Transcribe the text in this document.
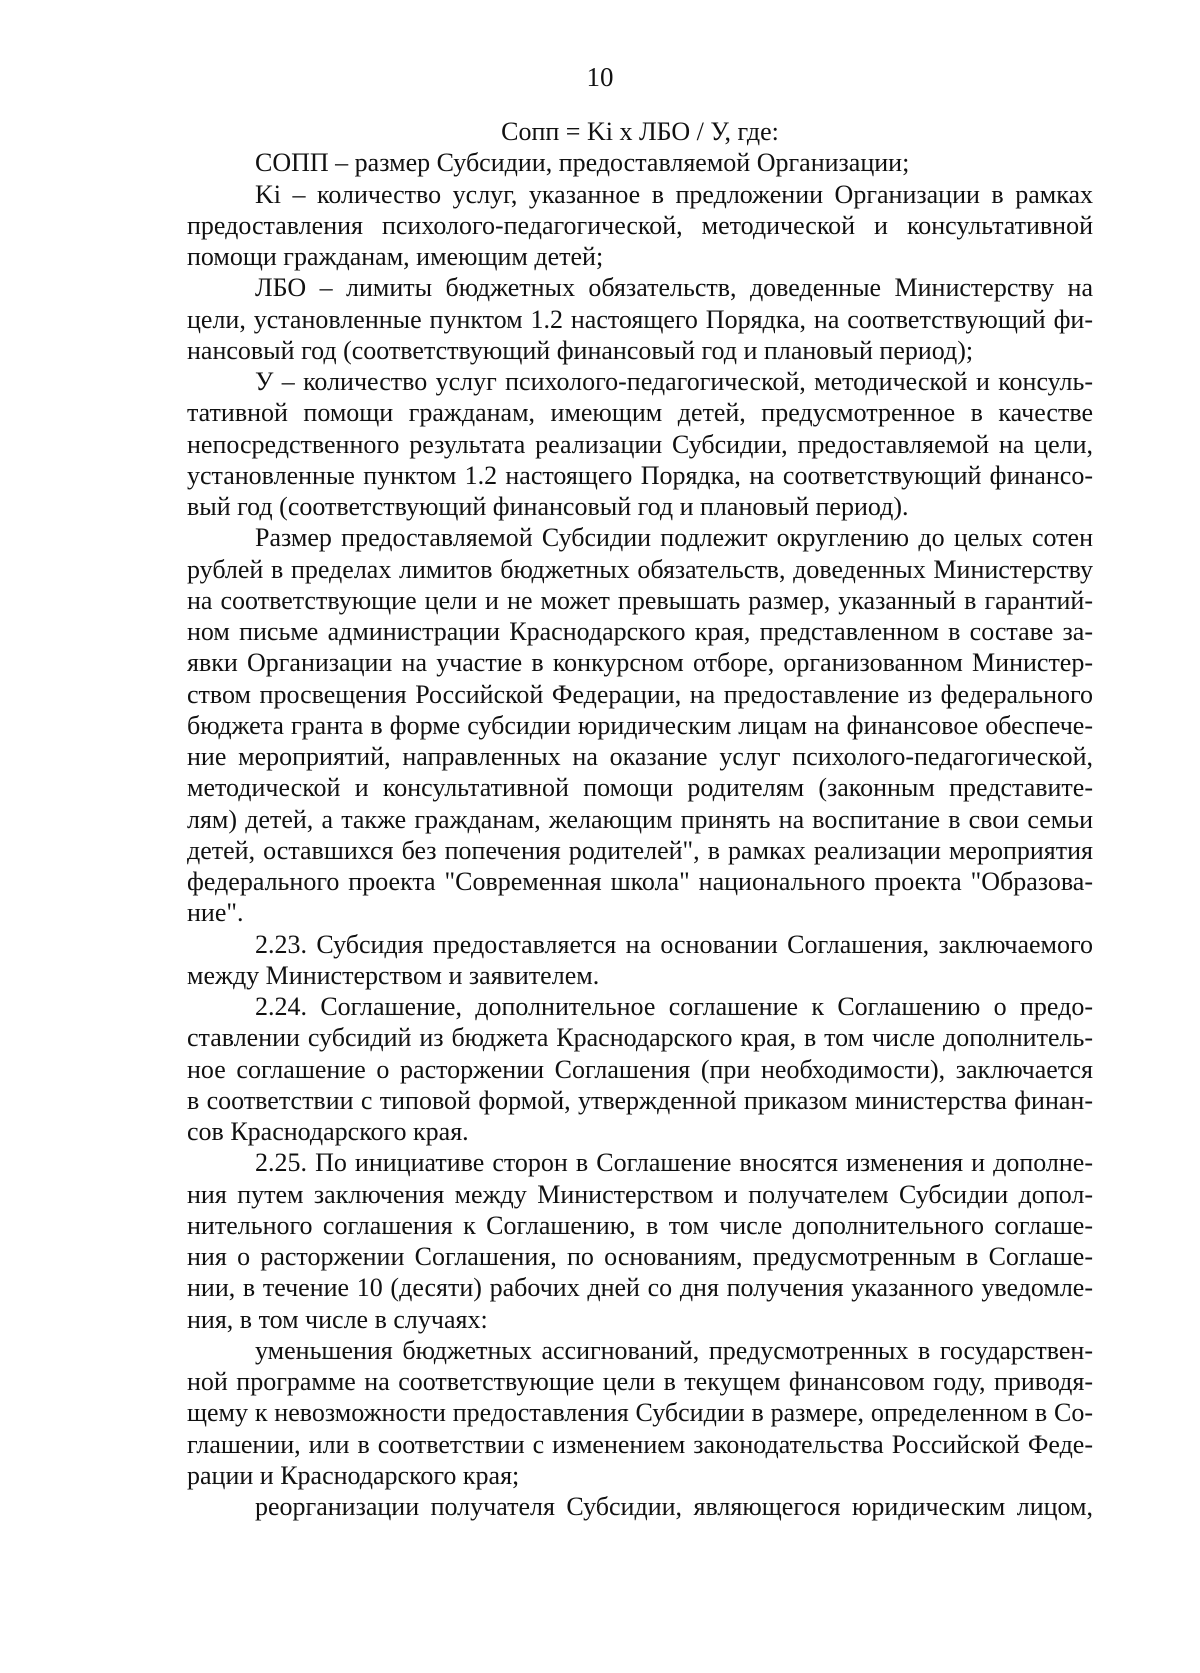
10
Сопп = Ki x ЛБО / У, где:
СОПП – размер Субсидии, предоставляемой Организации;
Ki – количество услуг, указанное в предложении Организации в рамках
предоставления психолого-педагогической, методической и консультативной
помощи гражданам, имеющим детей;
ЛБО – лимиты бюджетных обязательств, доведенные Министерству на
цели, установленные пунктом 1.2 настоящего Порядка, на соответствующий фи-
нансовый год (соответствующий финансовый год и плановый период);
У – количество услуг психолого-педагогической, методической и консуль-
тативной помощи гражданам, имеющим детей, предусмотренное в качестве
непосредственного результата реализации Субсидии, предоставляемой на цели,
установленные пунктом 1.2 настоящего Порядка, на соответствующий финансо-
вый год (соответствующий финансовый год и плановый период).
Размер предоставляемой Субсидии подлежит округлению до целых сотен
рублей в пределах лимитов бюджетных обязательств, доведенных Министерству
на соответствующие цели и не может превышать размер, указанный в гарантий-
ном письме администрации Краснодарского края, представленном в составе за-
явки Организации на участие в конкурсном отборе, организованном Министер-
ством просвещения Российской Федерации, на предоставление из федерального
бюджета гранта в форме субсидии юридическим лицам на финансовое обеспече-
ние мероприятий, направленных на оказание услуг психолого-педагогической,
методической и консультативной помощи родителям (законным представите-
лям) детей, а также гражданам, желающим принять на воспитание в свои семьи
детей, оставшихся без попечения родителей", в рамках реализации мероприятия
федерального проекта "Современная школа" национального проекта "Образова-
ние".
2.23. Субсидия предоставляется на основании Соглашения, заключаемого
между Министерством и заявителем.
2.24. Соглашение, дополнительное соглашение к Соглашению о предо-
ставлении субсидий из бюджета Краснодарского края, в том числе дополнитель-
ное соглашение о расторжении Соглашения (при необходимости), заключается
в соответствии с типовой формой, утвержденной приказом министерства финан-
сов Краснодарского края.
2.25. По инициативе сторон в Соглашение вносятся изменения и дополне-
ния путем заключения между Министерством и получателем Субсидии допол-
нительного соглашения к Соглашению, в том числе дополнительного соглаше-
ния о расторжении Соглашения, по основаниям, предусмотренным в Соглаше-
нии, в течение 10 (десяти) рабочих дней со дня получения указанного уведомле-
ния, в том числе в случаях:
уменьшения бюджетных ассигнований, предусмотренных в государствен-
ной программе на соответствующие цели в текущем финансовом году, приводя-
щему к невозможности предоставления Субсидии в размере, определенном в Со-
глашении, или в соответствии с изменением законодательства Российской Феде-
рации и Краснодарского края;
реорганизации получателя Субсидии, являющегося юридическим лицом,
